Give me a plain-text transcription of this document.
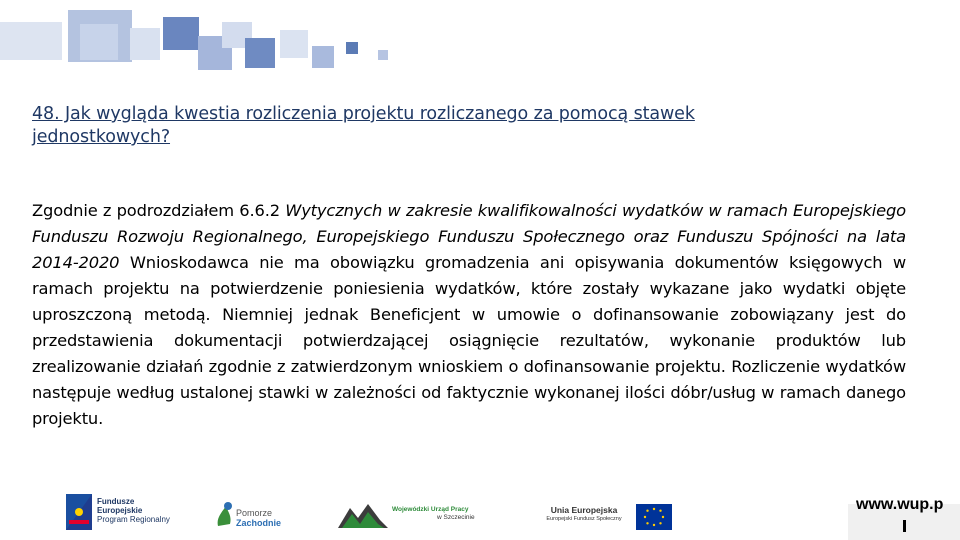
48. Jak wygląda kwestia rozliczenia projektu rozliczanego za pomocą stawek jednostkowych?
Zgodnie z podrozdziałem 6.6.2 Wytycznych w zakresie kwalifikowalności wydatków w ramach Europejskiego Funduszu Rozwoju Regionalnego, Europejskiego Funduszu Społecznego oraz Funduszu Spójności na lata 2014-2020 Wnioskodawca nie ma obowiązku gromadzenia ani opisywania dokumentów księgowych w ramach projektu na potwierdzenie poniesienia wydatków, które zostały wykazane jako wydatki objęte uproszczoną metodą. Niemniej jednak Beneficjent w umowie o dofinansowanie zobowiązany jest do przedstawienia dokumentacji potwierdzającej osiągnięcie rezultatów, wykonanie produktów lub zrealizowanie działań zgodnie z zatwierdzonym wnioskiem o dofinansowanie projektu. Rozliczenie wydatków następuje według ustalonej stawki w zależności od faktycznie wykonanej ilości dóbr/usług w ramach danego projektu.
Fundusze
Europejskie
Program Regionalny
Pomorze
Zachodnie
Wojewódzki Urząd Pracy
w Szczecinie
Unia Europejska
Europejski Fundusz Społeczny
www.wup.p
